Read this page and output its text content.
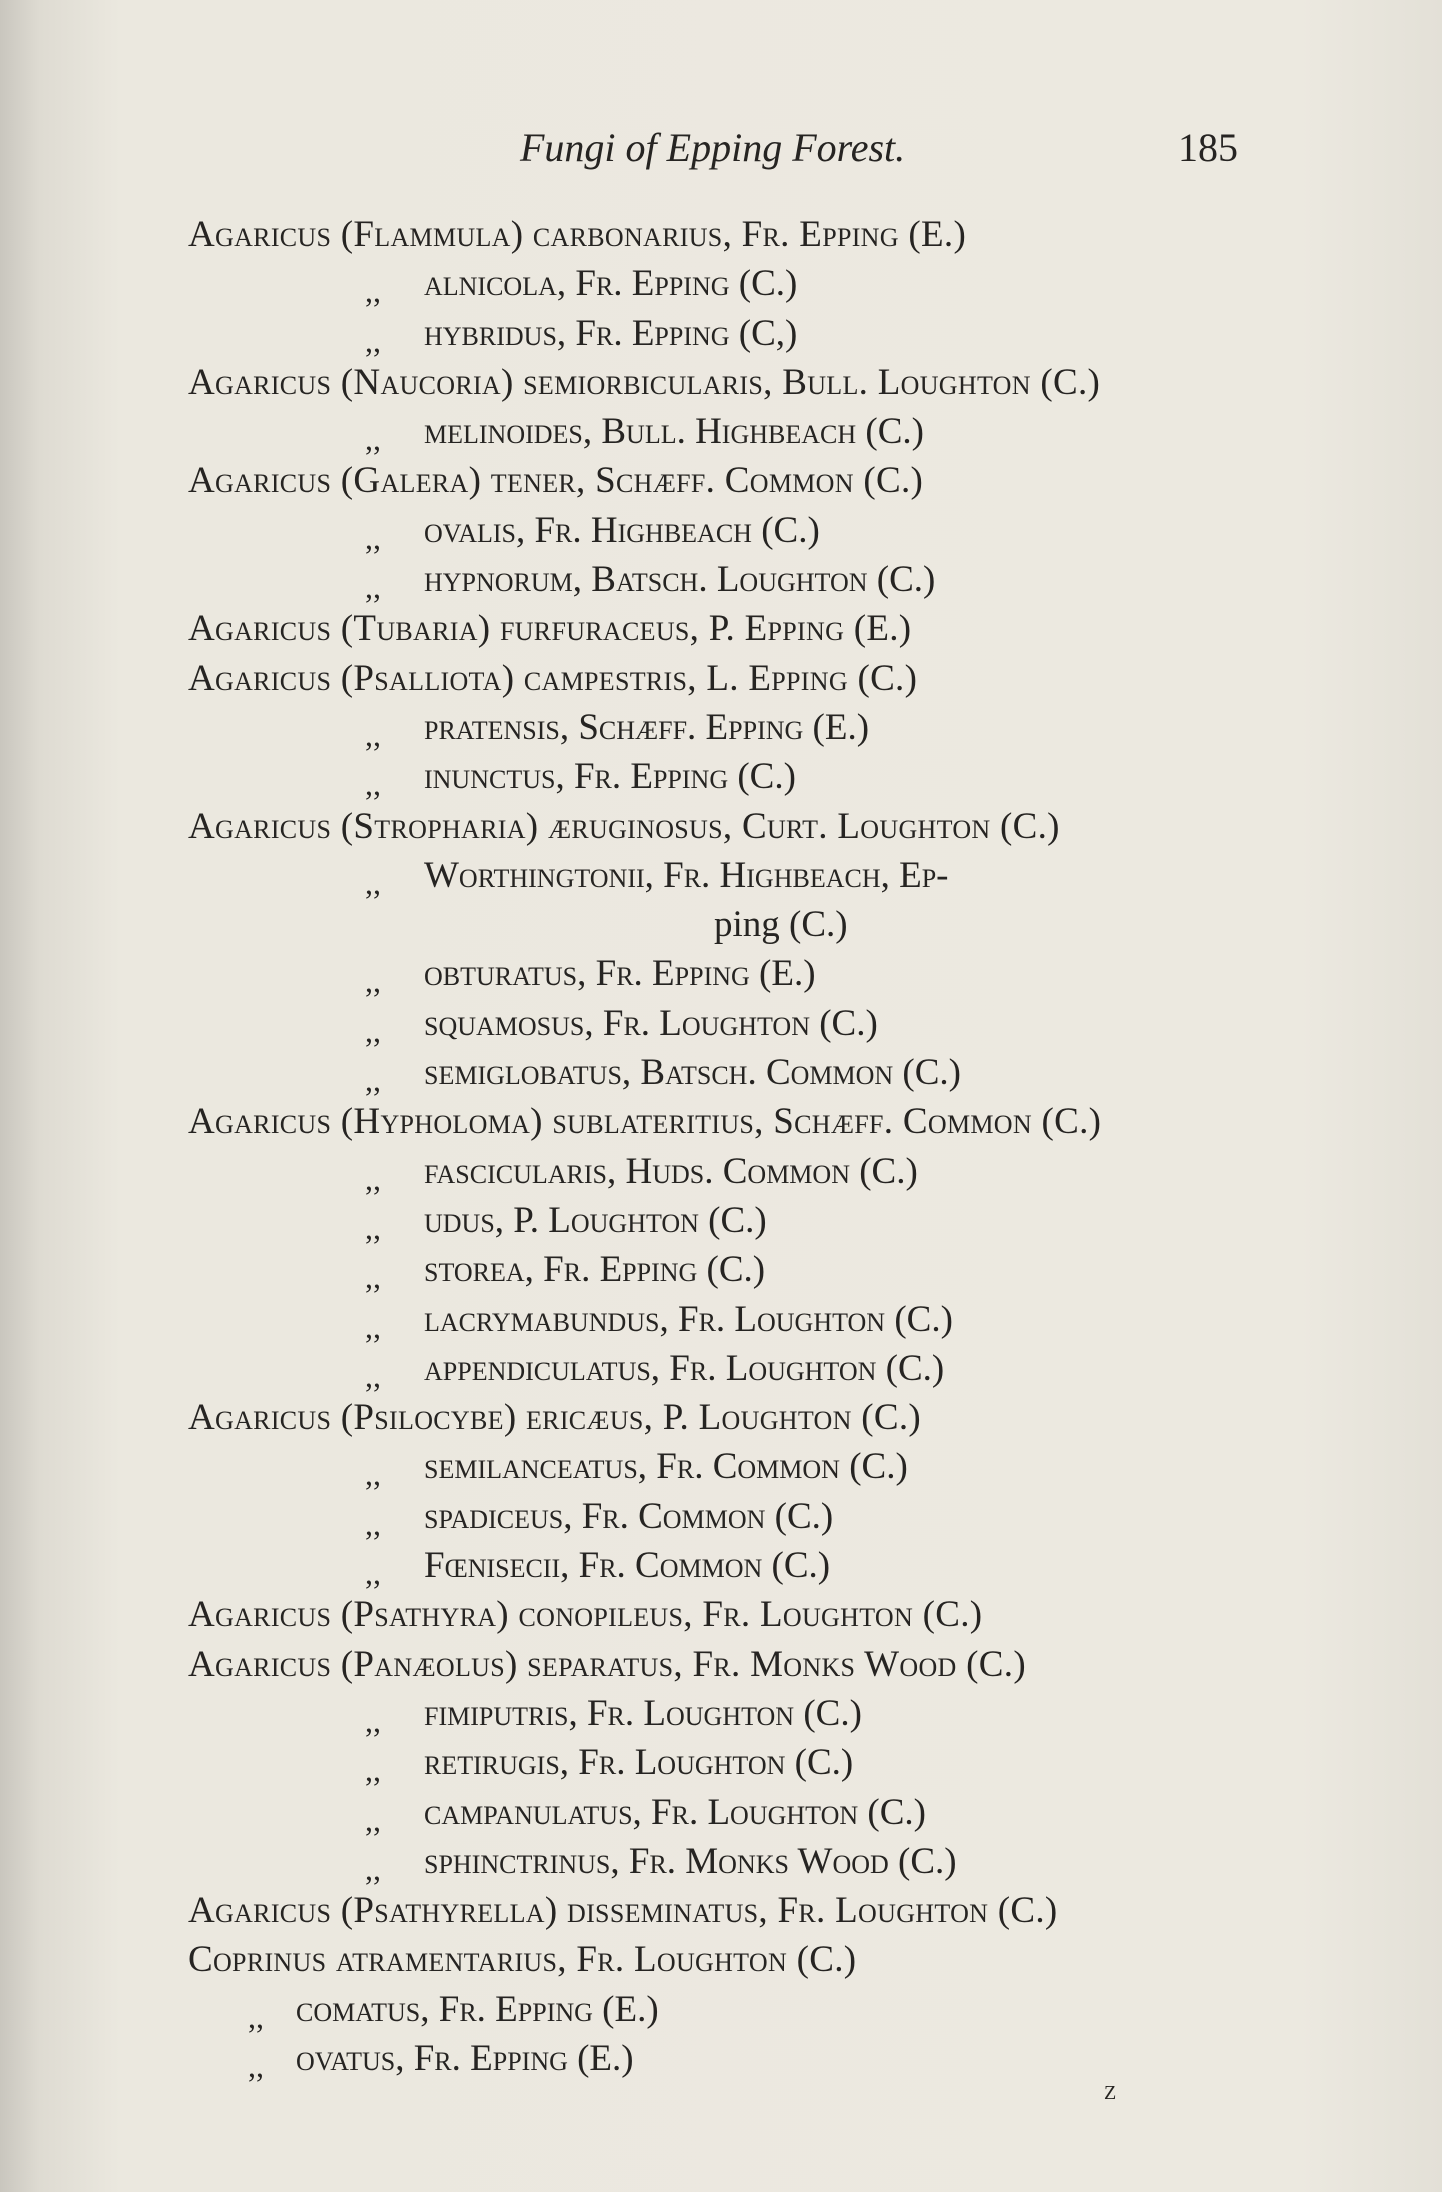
Fungi of Epping Forest.	185
Agaricus (Flammula) carbonarius, Fr. Epping (E.)
,, alnicola, Fr. Epping (C.)
,, hybridus, Fr. Epping (C,)
Agaricus (Naucoria) semiorbicularis, Bull. Loughton (C.)
,, melinoides, Bull. Highbeach (C.)
Agaricus (Galera) tener, Schæff. Common (C.)
,, ovalis, Fr. Highbeach (C.)
,, hypnorum, Batsch. Loughton (C.)
Agaricus (Tubaria) furfuraceus, P. Epping (E.)
Agaricus (Psalliota) campestris, L. Epping (C.)
,, pratensis, Schæff. Epping (E.)
,, inunctus, Fr. Epping (C.)
Agaricus (Stropharia) æruginosus, Curt. Loughton (C.)
,, Worthingtonii, Fr. Highbeach, Ep-
ping (C.)
,, obturatus, Fr. Epping (E.)
,, squamosus, Fr. Loughton (C.)
,, semiglobatus, Batsch. Common (C.)
Agaricus (Hypholoma) sublateritius, Schæff. Common (C.)
,, fascicularis, Huds. Common (C.)
,, udus, P. Loughton (C.)
,, storea, Fr. Epping (C.)
,, lacrymabundus, Fr. Loughton (C.)
,, appendiculatus, Fr. Loughton (C.)
Agaricus (Psilocybe) ericæus, P. Loughton (C.)
,, semilanceatus, Fr. Common (C.)
,, spadiceus, Fr. Common (C.)
,, Fœnisecii, Fr. Common (C.)
Agaricus (Psathyra) conopileus, Fr. Loughton (C.)
Agaricus (Panæolus) separatus, Fr. Monks Wood (C.)
,, fimiputris, Fr. Loughton (C.)
,, retirugis, Fr. Loughton (C.)
,, campanulatus, Fr. Loughton (C.)
,, sphinctrinus, Fr. Monks Wood (C.)
Agaricus (Psathyrella) disseminatus, Fr. Loughton (C.)
Coprinus atramentarius, Fr. Loughton (C.)
,, comatus, Fr. Epping (E.)
,, ovatus, Fr. Epping (E.)
z
